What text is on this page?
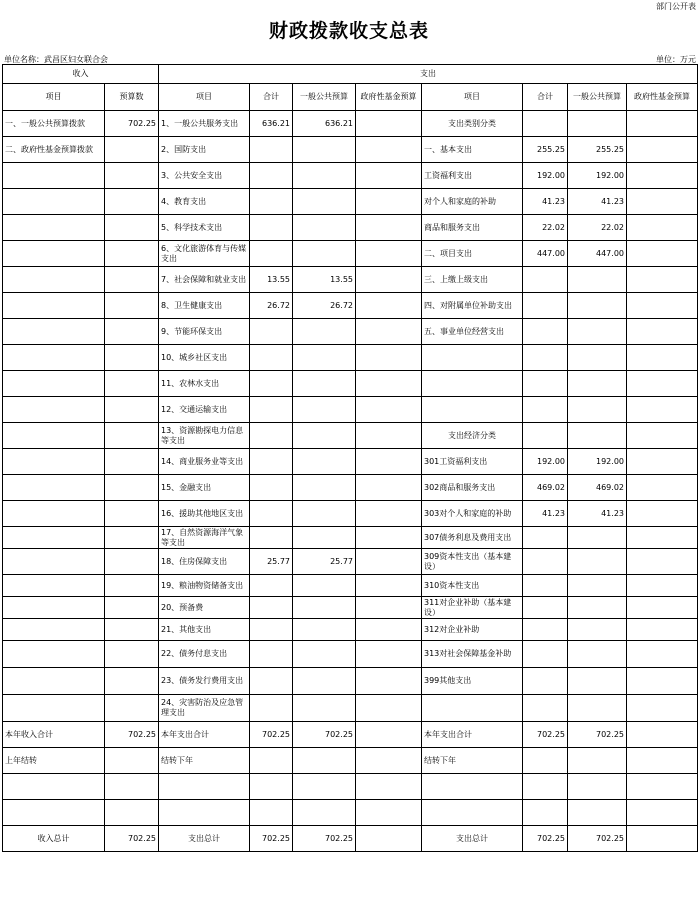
部门公开表
财政拨款收支总表
单位名称：武昌区妇女联合会	单位：万元
收入		支出							
项目	预算数	项目	合计	一般公共预算	政府性基金预算	项目	合计	一般公共预算	政府性基金预算
一、一般公共预算拨款	702.25	1、一般公共服务支出	636.21	636.21		支出类别分类			
二、政府性基金预算拨款		2、国防支出				一、基本支出	255.25	255.25	
		3、公共安全支出				工资福利支出	192.00	192.00	
		4、教育支出				对个人和家庭的补助	41.23	41.23	
		5、科学技术支出				商品和服务支出	22.02	22.02	
		6、文化旅游体育与传媒支出				二、项目支出	447.00	447.00	
		7、社会保障和就业支出	13.55	13.55		三、上缴上级支出			
		8、卫生健康支出	26.72	26.72		四、对附属单位补助支出			
		9、节能环保支出				五、事业单位经营支出			
		10、城乡社区支出							
		11、农林水支出							
		12、交通运输支出							
		13、资源勘探电力信息等支出				支出经济分类			
		14、商业服务业等支出				301工资福利支出	192.00	192.00	
		15、金融支出				302商品和服务支出	469.02	469.02	
		16、援助其他地区支出				303对个人和家庭的补助	41.23	41.23	
		17、自然资源海洋气象等支出				307债务利息及费用支出			
		18、住房保障支出	25.77	25.77		309资本性支出（基本建设）			
		19、粮油物资储备支出				310资本性支出			
		20、预备费				311对企业补助（基本建设）			
		21、其他支出				312对企业补助			
		22、债务付息支出				313对社会保障基金补助			
		23、债务发行费用支出				399其他支出			
		24、灾害防治及应急管理支出							
本年收入合计	702.25	本年支出合计	702.25	702.25		本年支出合计	702.25	702.25	
上年结转		结转下年				结转下年			

收入总计	702.25	支出总计	702.25	702.25		支出总计	702.25	702.25	
